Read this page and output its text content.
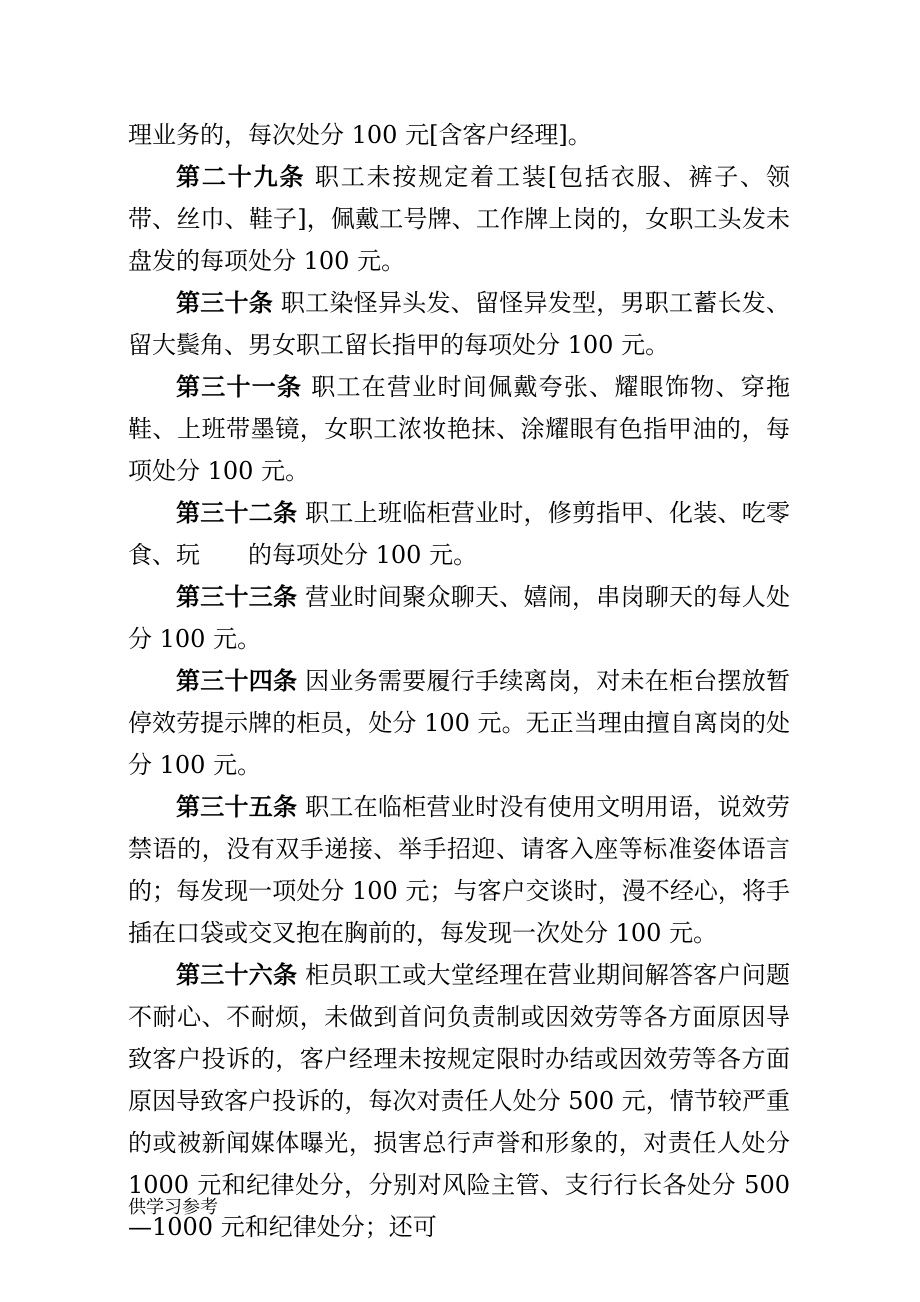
理业务的，每次处分 100 元[含客户经理]。

第二十九条 职工未按规定着工装[包括衣服、裤子、领带、丝巾、鞋子]，佩戴工号牌、工作牌上岗的，女职工头发未盘发的每项处分 100 元。

第三十条 职工染怪异头发、留怪异发型，男职工蓄长发、留大鬓角、男女职工留长指甲的每项处分 100 元。

第三十一条 职工在营业时间佩戴夸张、耀眼饰物、穿拖鞋、上班带墨镜，女职工浓妆艳抹、涂耀眼有色指甲油的，每项处分 100 元。

第三十二条 职工上班临柜营业时，修剪指甲、化装、吃零食、玩　　的每项处分 100 元。

第三十三条 营业时间聚众聊天、嬉闹，串岗聊天的每人处分 100 元。

第三十四条 因业务需要履行手续离岗，对未在柜台摆放暂停效劳提示牌的柜员，处分 100 元。无正当理由擅自离岗的处分 100 元。

第三十五条 职工在临柜营业时没有使用文明用语，说效劳禁语的，没有双手递接、举手招迎、请客入座等标准姿体语言的；每发现一项处分 100 元；与客户交谈时，漫不经心，将手插在口袋或交叉抱在胸前的，每发现一次处分 100 元。

第三十六条 柜员职工或大堂经理在营业期间解答客户问题不耐心、不耐烦，未做到首问负责制或因效劳等各方面原因导致客户投诉的，客户经理未按规定限时办结或因效劳等各方面原因导致客户投诉的，每次对责任人处分 500 元，情节较严重的或被新闻媒体曝光，损害总行声誉和形象的，对责任人处分 1000 元和纪律处分，分别对风险主管、支行行长各处分 500—1000 元和纪律处分；还可

供学习参考
